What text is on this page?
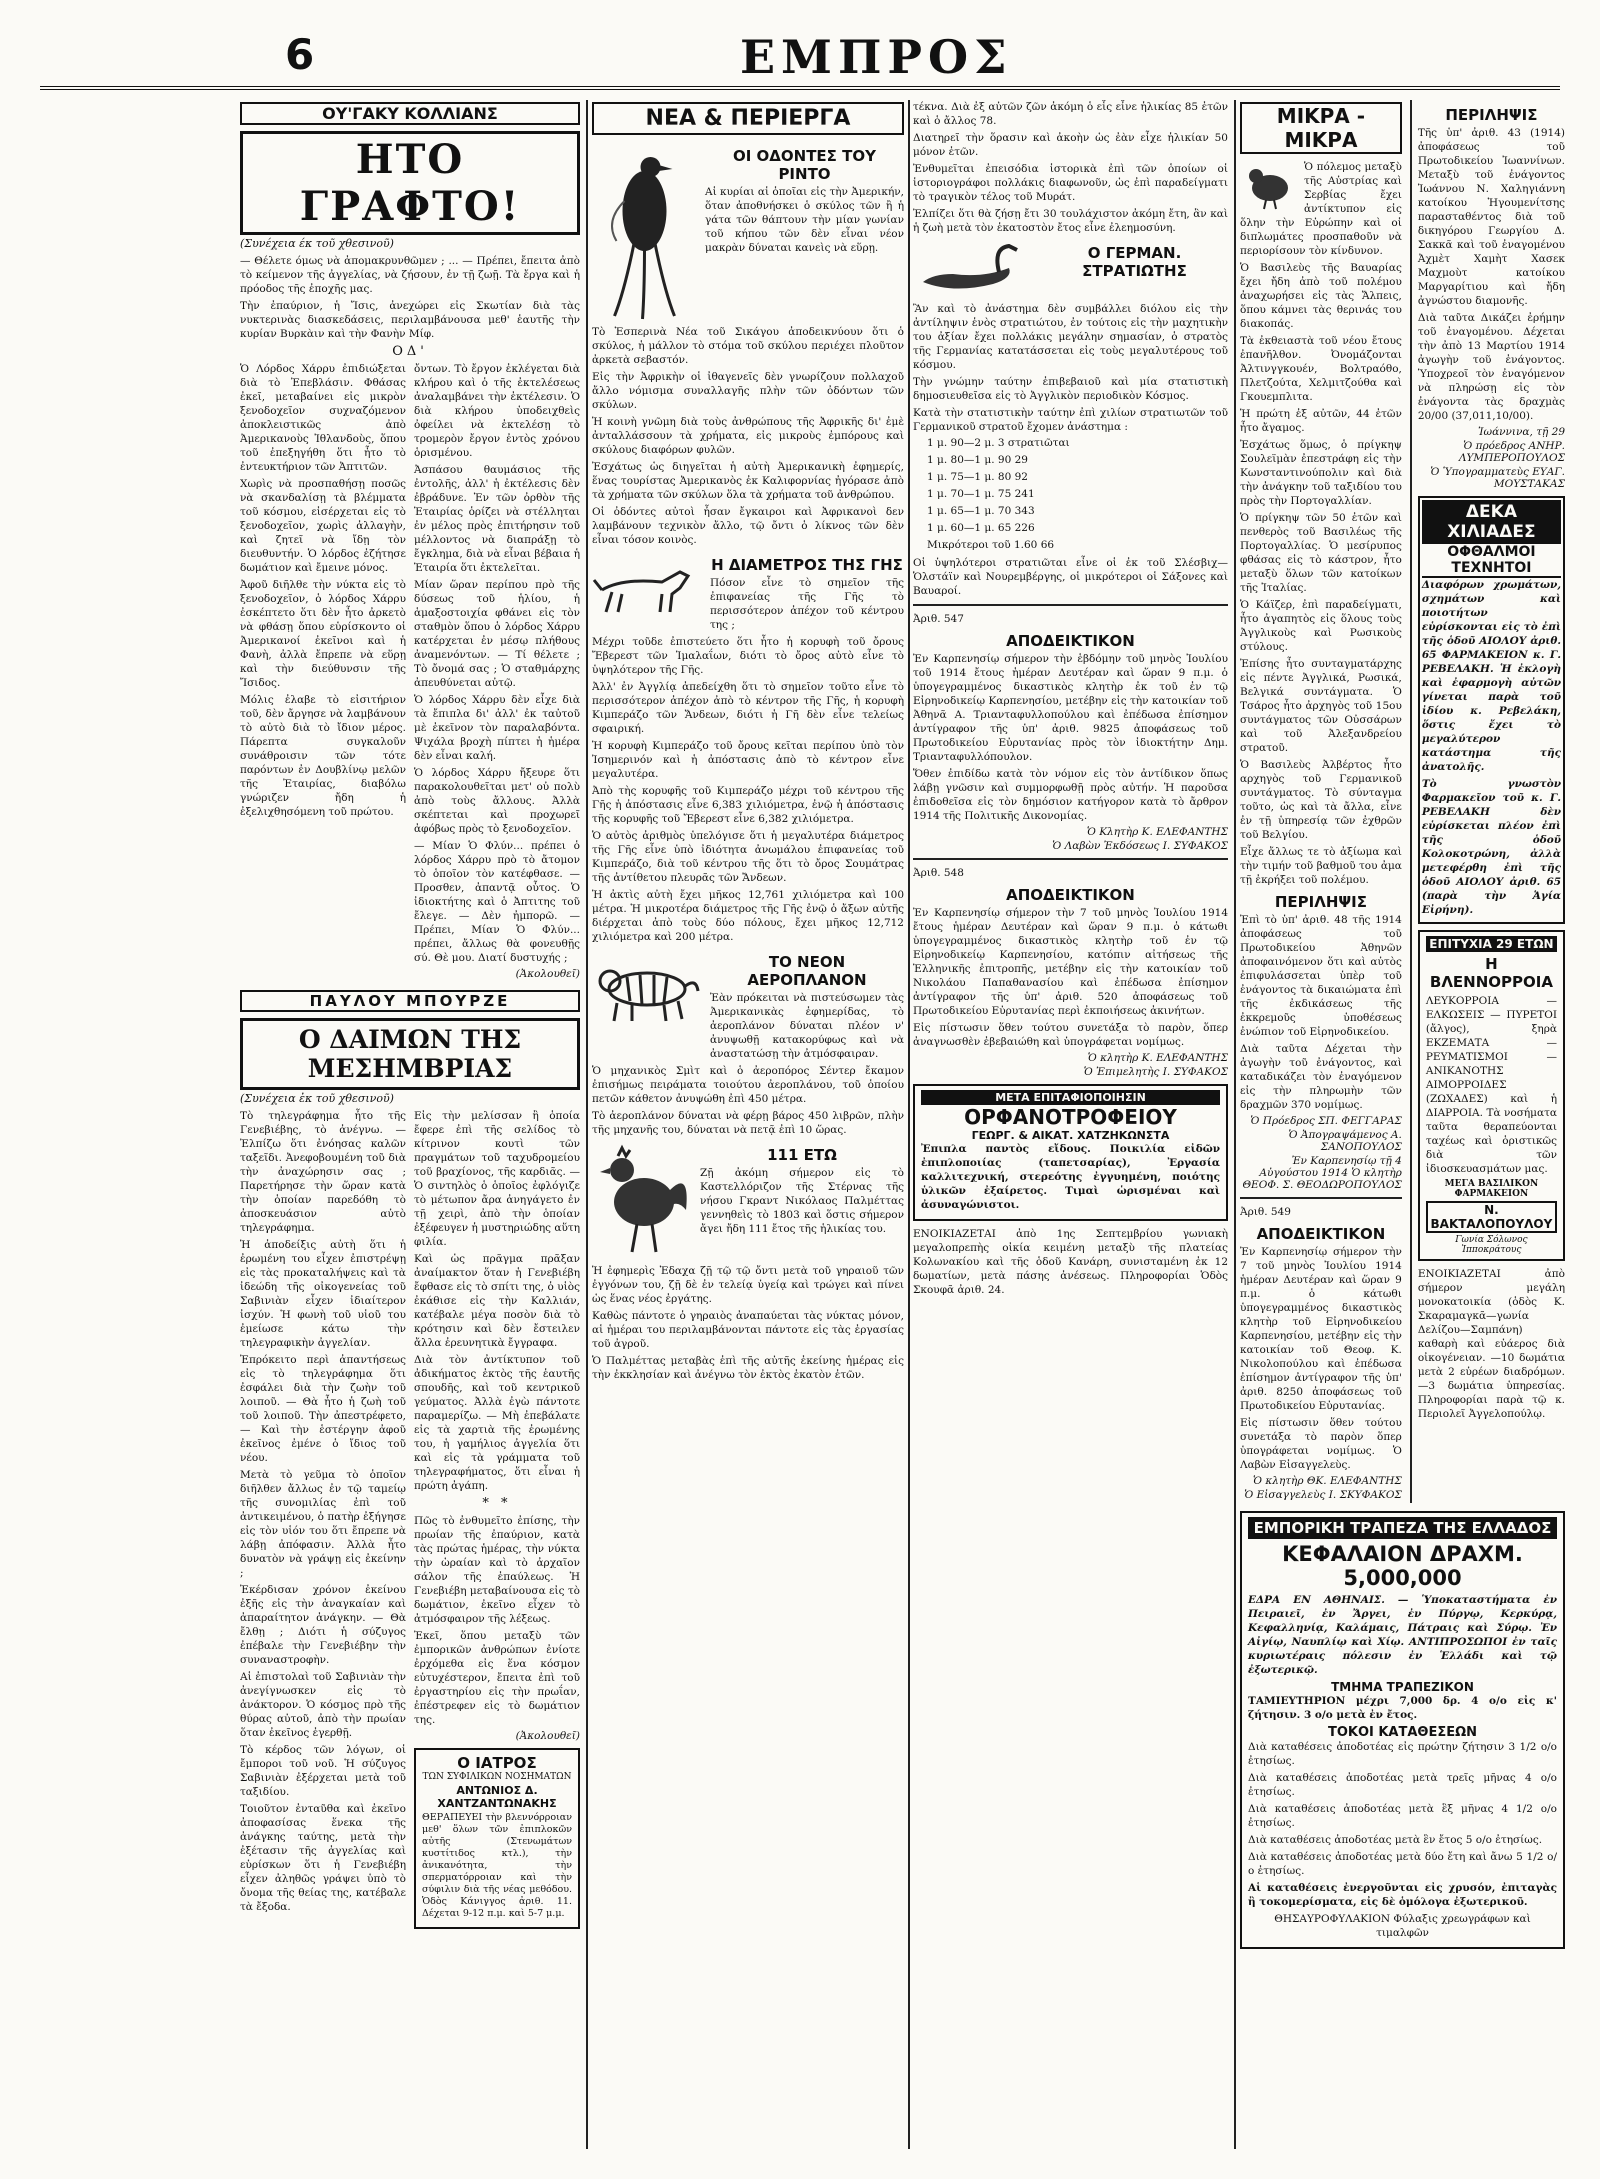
6	ΕΜΠΡΟΣ
ΟΥ'ΓΑΚΥ ΚΟΛΛΙΑΝΣ
ΗΤΟ ΓΡΑΦΤΟ!
(Συνέχεια έκ τοῦ χθεσινοῦ)
— Θέλετε όμως νὰ ἀπομακρυνθῶμεν ; ... — Πρέπει, ἔπειτα ἀπὸ τὸ κείμενον τῆς ἀγγελίας, νὰ ζήσουν, ἐν τῇ ζωῇ. Τὰ ἔργα καὶ ἡ πρόοδος τῆς ἐποχῆς μας.
Τὴν ἐπαύριον, ἡ Ἴσις, ἀνεχώρει εἰς Σκωτίαν διὰ τὰς νυκτερινὰς διασκεδάσεις, περιλαμβάνουσα μεθ' ἑαυτῆς τὴν κυρίαν Βυρκὰιν καὶ τὴν Φανὴν Μίφ.
ΟΔ'
Ὁ Λόρδος Χάρρυ ἐπιδιώξεται διὰ τὸ Ἐπεβλάσιν. Φθάσας ἐκεῖ, μεταβαίνει εἰς μικρὸν ξενοδοχεῖον συχναζόμενον ἀποκλειστικῶς ἀπὸ Ἀμερικανοὺς Ἰθλανδοὺς, ὅπου τοῦ ἐπεξηγήθη ὅτι ἦτο τὸ ἐντευκτήριον τῶν Ἀπτιτῶν.
Χωρὶς νὰ προσπαθήσῃ ποσῶς νὰ σκανδαλίσῃ τὰ βλέμματα τοῦ κόσμου, εἰσέρχεται εἰς τὸ ξενοδοχεῖον, χωρὶς ἀλλαγὴν, καὶ ζητεῖ νὰ ἴδῃ τὸν διευθυντήν. Ὁ λόρδος ἐζήτησε δωμάτιον καὶ ἔμεινε μόνος.
Ἀφοῦ διῆλθε τὴν νύκτα εἰς τὸ ξενοδοχεῖον, ὁ λόρδος Χάρρυ ἐσκέπτετο ὅτι δὲν ἦτο ἀρκετὸ νὰ φθάσῃ ὅπου εὑρίσκοντο οἱ Ἀμερικανοί ἐκεῖνοι καὶ ἡ Φανὴ, ἀλλὰ ἔπρεπε νὰ εὕρῃ καὶ τὴν διεύθυνσιν τῆς Ἴσιδος.
Μόλις ἐλαβε τὸ εἰσιτήριον τοῦ, δὲν ἄργησε νὰ λαμβάνουν τὸ αὐτὸ διὰ τὸ ἴδιον μέρος. Πάρεπτα συγκαλοῦν συνάθροισιν τῶν τότε παρόντων ἐν Δουβλίνῳ μελῶν τῆς Ἐταιρίας, διαβόλω γνώριζεν ἤδη ἡ ἐξελιχθησόμενη τοῦ πρώτου.
ὄντων. Τὸ ἔργον ἐκλέγεται διὰ κλήρου καὶ ὁ τῆς ἐκτελέσεως ἀναλαμβάνει τὴν ἐκτέλεσιν. Ὁ διὰ κλήρου ὑποδειχθεὶς ὀφείλει νὰ ἐκτελέσῃ τὸ τρομερὸν ἔργον ἐντὸς χρόνου ὁρισμένου.
Ἀσπάσου θαυμάσιος τῆς ἐντολῆς, ἀλλ' ἡ ἐκτέλεσις δὲν ἐβράδυνε. Ἐν τῶν ὀρθὸν τῆς Ἑταιρίας ὁρίζει νὰ στέλληται ἐν μέλος πρὸς ἐπιτήρησιν τοῦ μέλλοντος νὰ διαπράξῃ τὸ ἔγκλημα, διὰ νὰ εἶναι βέβαια ἡ Ἑταιρία ὅτι ἐκτελεῖται.
Μίαν ὥραν περίπου πρὸ τῆς δύσεως τοῦ ἡλίου, ἡ ἁμαξοστοιχία φθάνει εἰς τὸν σταθμὸν ὅπου ὁ λόρδος Χάρρυ κατέρχεται ἐν μέσῳ πλήθους ἀναμενόντων. — Τί θέλετε ; Τὸ ὄνομά σας ; Ὁ σταθμάρχης ἀπευθύνεται αὐτῷ.
Ὁ λόρδος Χάρρυ δὲν εἶχε διὰ τὰ ἔπιπλα δι' ἀλλ' ἐκ ταὐτοῦ μὲ ἐκεῖνον τὸν παραλαβόντα. Ψιχάλα βροχὴ πίπτει ἡ ἡμέρα δὲν εἶναι καλή.
Ὁ λόρδος Χάρρυ ἤξευρε ὅτι παρακολουθεῖται μετ' οὐ πολὺ ἀπὸ τοὺς ἄλλους. Ἀλλὰ σκέπτεται καὶ προχωρεῖ ἀφόβως πρὸς τὸ ξενοδοχεῖον.
— Μίαν Ὁ Φλύν... πρέπει ὁ λόρδος Χάρρυ πρὸ τὸ ἄτομον τὸ ὁποῖον τὸν κατέφθασε. — Προσθεν, ἀπαντᾷ οὗτος. Ὁ ἰδιοκτήτης καὶ ὁ Ἀπτιτης τοῦ ἔλεγε. — Δὲν ἠμπορῶ. — Πρέπει, Μίαν Ὁ Φλύν... πρέπει, ἄλλως θὰ φονευθῇς σύ. Θὲ μου. Διατί δυστυχής ;
(Ἀκολουθεῖ)
ΠΑΥΛΟΥ ΜΠΟΥΡΖΕ
Ο ΔΑΙΜΩΝ ΤΗΣ ΜΕΣΗΜΒΡΙΑΣ
(Συνέχεια ἐκ τοῦ χθεσινοῦ)
Τὸ τηλεγράφημα ἦτο τῆς Γενεβιέβης, τὸ ἀνέγνω. — Ἐλπίζω ὅτι ἐνόησας καλῶν ταξεῖδι. Ἀνεφοβουμένη τοῦ διὰ τὴν ἀναχώρησιν σας ; Παρετήρησε τὴν ὥραν κατὰ τὴν ὁποίαν παρεδόθη τὸ ἀποσκευάσιον αὐτὸ τηλεγράφημα.
Ἡ ἀποδείξις αὐτὴ ὅτι ἡ ἐρωμένη του εἶχεν ἐπιστρέψῃ εἰς τὰς προκαταλήψεις καὶ τὰ ἰδεώδη τῆς οἰκογενείας τοῦ Σαβινιὰν εἶχεν ἰδιαίτερον ἰσχύν. Ἡ φωνὴ τοῦ υἱοῦ του ἐμείωσε κάτω τὴν τηλεγραφικὴν ἀγγελίαν.
Ἐπρόκειτο περὶ ἀπαντήσεως εἰς τὸ τηλεγράφημα ὅτι ἐσφάλει διὰ τὴν ζωὴν τοῦ λοιποῦ. — Θὰ ἦτο ἡ ζωὴ τοῦ τοῦ λοιποῦ. Τὴν ἀπεστρέφετο, — Καὶ τὴν ἑστέργην ἀφοῦ ἐκεῖνος ἐμένε ὁ ἴδιος τοῦ νέου.
Μετὰ τὸ γεῦμα τὸ ὁποῖον διῆλθεν ἄλλως ἐν τῷ ταμείῳ τῆς συνομιλίας ἐπὶ τοῦ ἀντικειμένου, ὁ πατὴρ ἐξήγησε εἰς τὸν υἱόν του ὅτι ἔπρεπε νὰ λάβῃ ἀπόφασιν. Ἀλλὰ ἦτο δυνατὸν νὰ γράψῃ εἰς ἐκείνην ;
Ἐκέρδισαν χρόνον ἐκείνου ἐξῆς εἰς τὴν ἀναγκαίαν καὶ ἀπαραίτητον ἀνάγκην. — Θὰ ἔλθῃ ; Διότι ἡ σύζυγος ἐπέβαλε τὴν Γενεβιέβην τὴν συναναστροφὴν.
Αἱ ἐπιστολαὶ τοῦ Σαβινιὰν τὴν ἀνεγίγνωσκεν εἰς τὸ ἀνάκτορον. Ὁ κόσμος πρὸ τῆς θύρας αὐτοῦ, ἀπὸ τὴν πρωίαν ὅταν ἐκεῖνος ἐγερθῇ.
Τὸ κέρδος τῶν λόγων, οἱ ἔμποροι τοῦ νοῦ. Ἡ σύζυγος Σαβινιὰν ἐξέρχεται μετὰ τοῦ ταξιδίου.
Τοιοῦτον ἐνταῦθα καὶ ἐκεῖνο ἀποφασίσας ἕνεκα τῆς ἀνάγκης ταύτης, μετὰ τὴν ἐξέτασιν τῆς ἀγγελίας καὶ εὑρίσκων ὅτι ἡ Γενεβιέβη εἶχεν ἀληθῶς γράψει ὑπὸ τὸ ὄνομα τῆς θείας της, κατέβαλε τὰ ἔξοδα.
Εἰς τὴν μελίσσαν ἢ ὁποία ἔφερε ἐπὶ τῆς σελίδος τὸ κίτρινον κουτὶ τῶν πραγμάτων τοῦ ταχυδρομείου τοῦ βραχίονος, τῆς καρδιᾶς. — Ὁ σιντηλὸς ὁ ὁποῖος ἐφλόγιζε τὸ μέτωπον ἄρα ἀνηγάγετο ἐν τῇ χειρὶ, ἀπὸ τὴν ὁποίαν ἐξέφευγεν ἡ μυστηριώδης αὕτη φιλία.
Καὶ ὡς πρᾶγμα πρᾶξαν ἀναίμακτον ὅταν ἡ Γενεβιέβη ἔφθασε εἰς τὸ σπίτι της, ὁ υἱὸς ἐκάθισε εἰς τὴν Καλλιάν, κατέβαλε μέγα ποσὸν διὰ τὸ κρότησιν καὶ δὲν ἔστειλεν ἄλλα ἐρευνητικὰ ἔγγραφα.
Διὰ τὸν ἀντίκτυπον τοῦ ἀδικήματος ἐκτὸς τῆς ἑαυτῆς σπουδῆς, καὶ τοῦ κεντρικοῦ γεύματος. Ἀλλὰ ἐγὼ πάντοτε παραμερίζω. — Μὴ ἐπεβάλατε εἰς τὰ χαρτιὰ τῆς ἐρωμένης του, ἡ γαμήλιος ἀγγελία ὅτι καὶ εἰς τὰ γράμματα τοῦ τηλεγραφήματος, ὅτι εἶναι ἡ πρώτη ἀγάπη.
* *
Πῶς τὸ ἐνθυμεῖτο ἐπίσης, τὴν πρωίαν τῆς ἐπαύριον, κατὰ τὰς πρώτας ἡμέρας, τὴν νύκτα τὴν ὡραίαν καὶ τὸ ἀρχαῖον σάλον τῆς ἐπαύλεως. Ἡ Γενεβιέβη μεταβαίνουσα εἰς τὸ δωμάτιον, ἐκεῖνο εἶχεν τὸ ἀτμόσφαιρον τῆς λέξεως.
Ἐκεῖ, ὅπου μεταξὺ τῶν ἐμπορικῶν ἀνθρώπων ἐνίοτε ἐρχόμεθα εἰς ἕνα κόσμον εὐτυχέστερον, ἔπειτα ἐπὶ τοῦ ἐργαστηρίου εἰς τὴν πρωΐαν, ἐπέστρεφεν εἰς τὸ δωμάτιον της.
(Ἀκολουθεῖ)
Ο ΙΑΤΡΟΣ
ΤΩΝ ΣΥΦΙΛΙΚΩΝ ΝΟΣΗΜΑΤΩΝ
ΑΝΤΩΝΙΟΣ Δ. ΧΑΝΤΖΑΝΤΩΝΑΚΗΣ
ΘΕΡΑΠΕΥΕΙ τὴν βλεννόρροιαν μεθ' ὅλων τῶν ἐπιπλοκῶν αὐτῆς (Στενωμάτων κυστίτιδος κτλ.), τὴν ἀνικανότητα, τὴν σπερματόρροιαν καὶ τὴν σύφιλιν διὰ τῆς νέας μεθόδου. Ὁδὸς Κάνιγγος ἀριθ. 11. Δέχεται 9-12 π.μ. καὶ 5-7 μ.μ.
ΝΕΑ & ΠΕΡΙΕΡΓΑ
ΟΙ ΟΔΟΝΤΕΣ ΤΟΥ ΡΙΝΤΟ
Αἱ κυρίαι αἱ ὁποῖαι εἰς τὴν Ἀμερικήν, ὅταν ἀποθνήσκει ὁ σκύλος τῶν ἢ ἡ γάτα τῶν θάπτουν τὴν μίαν γωνίαν τοῦ κήπου τῶν δὲν εἶναι νέον μακρὰν δύναται κανεὶς νὰ εὕρῃ.
Τὸ Ἑσπερινὰ Νέα τοῦ Σικάγου ἀποδεικνύουν ὅτι ὁ σκύλος, ἡ μάλλον τὸ στόμα τοῦ σκύλου περιέχει πλοῦτον ἀρκετὰ σεβαστόν.
Εἰς τὴν Ἀφρικὴν οἱ ἰθαγενεῖς δὲν γνωρίζουν πολλαχοῦ ἄλλο νόμισμα συναλλαγῆς πλὴν τῶν ὀδόντων τῶν σκύλων.
Ἡ κοινὴ γνῶμη διὰ τοὺς ἀνθρώπους τῆς Ἀφρικῆς δι' ἐμὲ ἀνταλλάσσουν τὰ χρήματα, εἰς μικροὺς ἐμπόρους καὶ σκύλους διαφόρων φυλῶν.
Ἐσχάτως ὡς διηγεῖται ἡ αὐτὴ Ἀμερικανικὴ ἐφημερίς, ἕνας τουρίστας Ἀμερικανὸς ἐκ Καλιφορνίας ἠγόρασε ἀπὸ τὰ χρήματα τῶν σκύλων ὅλα τὰ χρήματα τοῦ ἀνθρώπου.
Οἱ ὀδόντες αὐτοὶ ἦσαν ἔγκαιροι καὶ Ἀφρικανοὶ δεν λαμβάνουν τεχνικὸν ἄλλο, τῷ ὄντι ὁ λίκνος τῶν δὲν εἶναι τόσον κοινὸς.
Η ΔΙΑΜΕΤΡΟΣ ΤΗΣ ΓΗΣ
Πόσον εἶνε τὸ σημεῖον τῆς ἐπιφανείας τῆς Γῆς τὸ περισσότερον ἀπέχον τοῦ κέντρου της ;
Μέχρι τοῦδε ἐπιστεύετο ὅτι ἦτο ἡ κορυφὴ τοῦ ὄρους Ἔβερεστ τῶν Ἱμαλαΐων, διότι τὸ ὄρος αὐτὸ εἶνε τὸ ὑψηλότερον τῆς Γῆς.
Ἀλλ' ἐν Ἀγγλίᾳ ἀπεδείχθη ὅτι τὸ σημεῖον τοῦτο εἶνε τὸ περισσότερον ἀπέχον ἀπὸ τὸ κέντρον τῆς Γῆς, ἡ κορυφὴ Κιμπεράζο τῶν Ἄνδεων, διότι ἡ Γῆ δὲν εἶνε τελείως σφαιρική.
Ἡ κορυφὴ Κιμπεράζο τοῦ ὄρους κεῖται περίπου ὑπὸ τὸν Ἰσημερινόν καὶ ἡ ἀπόστασις ἀπὸ τὸ κέντρον εἶνε μεγαλυτέρα.
Ἀπὸ τὴς κορυφῆς τοῦ Κιμπεράζο μέχρι τοῦ κέντρου τῆς Γῆς ἡ ἀπόστασις εἶνε 6,383 χιλιόμετρα, ἐνῷ ἡ ἀπόστασις τῆς κορυφῆς τοῦ Ἔβερεστ εἶνε 6,382 χιλιόμετρα.
Ὁ αὐτὸς ἀριθμὸς ὑπελόγισε ὅτι ἡ μεγαλυτέρα διάμετρος τῆς Γῆς εἶνε ὑπὸ ἰδιότητα ἀνωμάλου ἐπιφανείας τοῦ Κιμπεράζο, διὰ τοῦ κέντρου τῆς ὅτι τὸ ὄρος Σουμάτρας τῆς ἀντίθετου πλευρᾶς τῶν Ἄνδεων.
Ἡ ἀκτὶς αὐτὴ ἔχει μῆκος 12,761 χιλιόμετρα καὶ 100 μέτρα. Ἡ μικροτέρα διάμετρος τῆς Γῆς ἐνῷ ὁ ἄξων αὐτῆς διέρχεται ἀπὸ τοὺς δύο πόλους, ἔχει μῆκος 12,712 χιλιόμετρα καὶ 200 μέτρα.
ΤΟ ΝΕΟΝ ΑΕΡΟΠΛΑΝΟΝ
Ἐὰν πρόκειται νὰ πιστεύσωμεν τὰς Ἀμερικανικὰς ἐφημερίδας, τὸ ἀεροπλάνον δύναται πλέον ν' ἀνυψωθῇ κατακορύφως καὶ νὰ ἀναστατώσῃ τὴν ἀτμόσφαιραν.
Ὁ μηχανικὸς Σμὶτ καὶ ὁ ἀεροπόρος Σέντερ ἔκαμον ἐπισήμως πειράματα τοιούτου ἀεροπλάνου, τοῦ ὁποίου πετῶν κάθετον ἀνυψώθη ἐπὶ 450 μέτρα.
Τὸ ἀεροπλάνον δύναται νὰ φέρῃ βάρος 450 λιβρῶν, πλὴν τῆς μηχανῆς του, δύναται νὰ πετᾷ ἐπὶ 10 ὥρας.
111 ΕΤΩ
Ζῇ ἀκόμη σήμερον εἰς τὸ Καστελλόριζον τῆς Στέρνας τῆς νήσου Γκραντ Νικόλαος Παλμέττας γεννηθεὶς τὸ 1803 καὶ ὅστις σήμερον ἄγει ἤδη 111 ἔτος τῆς ἡλικίας του.
Ἡ ἐφημερὶς Ἐδαχα ζῇ τῷ τῷ ὄντι μετὰ τοῦ γηραιοῦ τῶν ἐγγόνων του, ζῇ δὲ ἐν τελείᾳ ὑγείᾳ καὶ τρώγει καὶ πίνει ὡς ἕνας νέος ἐργάτης.
Καθὼς πάντοτε ὁ γηραιὸς ἀναπαύεται τὰς νύκτας μόνον, αἱ ἡμέραι του περιλαμβάνονται πάντοτε εἰς τὰς ἐργασίας τοῦ ἀγροῦ.
Ὁ Παλμέττας μεταβὰς ἐπὶ τῆς αὐτῆς ἐκείνης ἡμέρας εἰς τὴν ἐκκλησίαν καὶ ἀνέγνω τὸν ἐκτὸς ἑκατὸν ἐτῶν.
τέκνα. Διὰ ἐξ αὐτῶν ζῶν ἀκόμη ὁ εἷς εἶνε ἡλικίας 85 ἐτῶν καὶ ὁ ἄλλος 78.
Διατηρεῖ τὴν ὅρασιν καὶ ἀκοὴν ὡς ἐὰν εἶχε ἡλικίαν 50 μόνον ἐτῶν.
Ἐνθυμεῖται ἐπεισόδια ἱστορικὰ ἐπὶ τῶν ὁποίων οἱ ἱστοριογράφοι πολλάκις διαφωνοῦν, ὡς ἐπὶ παραδείγματι τὸ τραγικὸν τέλος τοῦ Μυράτ.
Ἐλπίζει ὅτι θὰ ζήσῃ ἔτι 30 τουλάχιστον ἀκόμη ἔτη, ἂν καὶ ἡ ζωὴ μετὰ τὸν ἑκατοστὸν ἔτος εἶνε ἐλεημοσύνη.
Ο ΓΕΡΜΑΝ. ΣΤΡΑΤΙΩΤΗΣ
Ἂν καὶ τὸ ἀνάστημα δὲν συμβάλλει διόλου εἰς τὴν ἀντίληψιν ἑνὸς στρατιώτου, ἐν τούτοις εἰς τὴν μαχητικὴν του ἀξίαν ἔχει πολλάκις μεγάλην σημασίαν, ὁ στρατὸς τῆς Γερμανίας κατατάσσεται εἰς τοὺς μεγαλυτέρους τοῦ κόσμου.
Τὴν γνώμην ταύτην ἐπιβεβαιοῦ καὶ μία στατιστικὴ δημοσιευθεῖσα εἰς τὸ Ἀγγλικὸν περιοδικὸν Κόσμος.
Κατὰ τὴν στατιστικὴν ταύτην ἐπὶ χιλίων στρατιωτῶν τοῦ Γερμανικοῦ στρατοῦ ἔχομεν ἀνάστημα :
1 μ. 90—2 μ. 3 στρατιῶται
1 μ. 80—1 μ. 90 29
1 μ. 75—1 μ. 80 92
1 μ. 70—1 μ. 75 241
1 μ. 65—1 μ. 70 343
1 μ. 60—1 μ. 65 226
Μικρότεροι τοῦ 1.60 66
Οἱ ὑψηλότεροι στρατιῶται εἶνε οἱ ἐκ τοῦ Σλέσβιχ—Ὁλστάϊν καὶ Νουρεμβέργης, οἱ μικρότεροι οἱ Σάξονες καὶ Βαυαροί.
Ἀριθ. 547
ΑΠΟΔΕΙΚΤΙΚΟΝ
Ἐν Καρπενησίῳ σήμερον τὴν ἑβδόμην τοῦ μηνὸς Ἰουλίου τοῦ 1914 ἔτους ἡμέραν Δευτέραν καὶ ὥραν 9 π.μ. ὁ ὑπογεγραμμένος δικαστικὸς κλητὴρ ἐκ τοῦ ἐν τῷ Εἰρηνοδικείῳ Καρπενησίου, μετέβην εἰς τὴν κατοικίαν τοῦ Ἀθηνᾶ Α. Τριανταφυλλοπούλου καὶ ἐπέδωσα ἐπίσημον ἀντίγραφον τῆς ὑπ' ἀριθ. 9825 ἀποφάσεως τοῦ Πρωτοδικείου Εὐρυτανίας πρὸς τὸν ἰδιοκτήτην Δημ. Τριανταφυλλόπουλον.
Ὅθεν ἐπιδίδω κατὰ τὸν νόμον εἰς τὸν ἀντίδικον ὅπως λάβῃ γνῶσιν καὶ συμμορφωθῇ πρὸς αὐτήν. Ἡ παροῦσα ἐπιδοθεῖσα εἰς τὸν δημόσιον κατήγορον κατὰ τὸ ἄρθρον 1914 τῆς Πολιτικῆς Δικονομίας.
Ὁ Κλητὴρ Κ. ΕΛΕΦΑΝΤΗΣ
Ὁ Λαβὼν Ἐκδόσεως Ι. ΣΥΦΑΚΟΣ
Ἀριθ. 548
ΑΠΟΔΕΙΚΤΙΚΟΝ
Ἐν Καρπενησίῳ σήμερον τὴν 7 τοῦ μηνὸς Ἰουλίου 1914 ἔτους ἡμέραν Δευτέραν καὶ ὥραν 9 π.μ. ὁ κάτωθι ὑπογεγραμμένος δικαστικὸς κλητὴρ τοῦ ἐν τῷ Εἰρηνοδικείῳ Καρπενησίου, κατόπιν αἰτήσεως τῆς Ἑλληνικῆς ἐπιτροπῆς, μετέβην εἰς τὴν κατοικίαν τοῦ Νικολάου Παπαθανασίου καὶ ἐπέδωσα ἐπίσημον ἀντίγραφον τῆς ὑπ' ἀριθ. 520 ἀποφάσεως τοῦ Πρωτοδικείου Εὐρυτανίας περὶ ἐκποιήσεως ἀκινήτων.
Εἰς πίστωσιν ὅθεν τούτου συνετάξα τὸ παρὸν, ὅπερ ἀναγνωσθὲν ἐβεβαιώθη καὶ ὑπογράφεται νομίμως.
Ὁ κλητὴρ Κ. ΕΛΕΦΑΝΤΗΣ
Ὁ Ἐπιμελητὴς Ι. ΣΥΦΑΚΟΣ
ΜΕΤΑ ΕΠΙΤΑΦΙΟΠΟΙΗΣΙΝ
ΟΡΦΑΝΟΤΡΟΦΕΙΟΥ
ΓΕΩΡΓ. & ΑΙΚΑΤ. ΧΑΤΖΗΚΩΝΣΤΑ
Ἐπιπλα παντὸς εἴδους. Ποικιλία εἰδῶν ἐπιπλοποιίας (ταπετσαρίας), Ἐργασία καλλιτεχνική, στερεότης ἐγγυημένη, ποιότης ὑλικῶν ἐξαίρετος. Τιμαὶ ὡρισμέναι καὶ ἀσυναγώνιστοι.
ΕΝΟΙΚΙΑΖΕΤΑΙ ἀπὸ 1ης Σεπτεμβρίου γωνιακὴ μεγαλοπρεπὴς οἰκία κειμένη μεταξὺ τῆς πλατείας Κολωνακίου καὶ τῆς ὁδοῦ Κανάρη, συνισταμένη ἐκ 12 δωματίων, μετὰ πάσης ἀνέσεως. Πληροφορίαι Ὁδὸς Σκουφᾶ ἀριθ. 24.
ΜΙΚΡΑ - ΜΙΚΡΑ
Ὁ πόλεμος μεταξὺ τῆς Αὐστρίας καὶ Σερβίας ἔχει ἀντίκτυπον εἰς ὅλην τὴν Εὐρώπην καὶ οἱ διπλωμάτες προσπαθοῦν νὰ περιορίσουν τὸν κίνδυνον.
Ὁ Βασιλεὺς τῆς Βαυαρίας ἔχει ἤδη ἀπὸ τοῦ πολέμου ἀναχωρήσει εἰς τὰς Ἄλπεις, ὅπου κάμνει τὰς θερινάς του διακοπάς.
Τὰ ἐκθειαστὰ τοῦ νέου ἔτους ἐπανῆλθον. Ὀνομάζονται Ἀλτινγγκουέν, Βολτραόθο, Πλετζούτα, Χελμιτζούθα καὶ Γκουεμπλιτα.
Ἡ πρώτη ἐξ αὐτῶν, 44 ἐτῶν ἦτο ἄγαμος.
Ἐσχάτως ὅμως, ὁ πρίγκηψ Σουλεϊμὰν ἐπεστράφη εἰς τὴν Κωνσταντινούπολιν καὶ διὰ τὴν ἀνάγκην τοῦ ταξιδίου του πρὸς τὴν Πορτογαλλίαν.
Ὁ πρίγκηψ τῶν 50 ἐτῶν καὶ πενθερὸς τοῦ Βασιλέως τῆς Πορτογαλλίας. Ὁ μεσίρυπος φθάσας εἰς τὸ κάστρον, ἦτο μεταξὺ ὅλων τῶν κατοίκων τῆς Ἰταλίας.
Ὁ Κάϊζερ, ἐπὶ παραδείγματι, ἦτο ἀγαπητὸς εἰς ὅλους τοὺς Ἀγγλικοὺς καὶ Ρωσικοὺς στύλους.
Ἐπίσης ἦτο συνταγματάρχης εἰς πέντε Ἀγγλικά, Ρωσικά, Βελγικά συντάγματα. Ὁ Τσάρος ἦτο ἀρχηγὸς τοῦ 15ου συντάγματος τῶν Οὐσσάρων καὶ τοῦ Ἀλεξανδρείου στρατοῦ.
Ὁ Βασιλεὺς Ἀλβέρτος ἦτο αρχηγὸς τοῦ Γερμανικοῦ συντάγματος. Τὸ σύνταγμα τοῦτο, ὡς καὶ τὰ ἄλλα, εἶνε ἐν τῇ ὑπηρεσίᾳ τῶν ἐχθρῶν τοῦ Βελγίου.
Εἶχε ἄλλως τε τὸ ἀξίωμα καὶ τὴν τιμήν τοῦ βαθμοῦ του ἀμα τῇ ἐκρήξει τοῦ πολέμου.
ΠΕΡΙΛΗΨΙΣ
Ἐπὶ τὸ ὑπ' ἀριθ. 48 τῆς 1914 ἀποφάσεως τοῦ Πρωτοδικείου Ἀθηνῶν ἀποφαινόμενον ὅτι καὶ αὐτὸς ἐπιφυλάσσεται ὑπὲρ τοῦ ἐνάγοντος τὰ δικαιώματα ἐπὶ τῆς ἐκδικάσεως τῆς ἐκκρεμοῦς ὑποθέσεως ἐνώπιον τοῦ Εἰρηνοδικείου.
Διὰ ταῦτα Δέχεται τὴν ἀγωγὴν τοῦ ἐνάγοντος, καὶ καταδικάζει τὸν ἐναγόμενον εἰς τὴν πληρωμὴν τῶν δραχμῶν 370 νομίμως.
Ὁ Πρόεδρος ΣΠ. ΦΕΓΓΑΡΑΣ
Ὁ Ἀπογραψάμενος Α. ΣΑΝΟΠΟΥΛΟΣ
Ἐν Καρπενησίῳ τῇ 4 Αὐγούστου 1914 Ὁ κλητὴρ ΘΕΟΦ. Σ. ΘΕΟΔΩΡΟΠΟΥΛΟΣ
Ἀριθ. 549
ΑΠΟΔΕΙΚΤΙΚΟΝ
Ἐν Καρπενησίῳ σήμερον τὴν 7 τοῦ μηνὸς Ἰουλίου 1914 ἡμέραν Δευτέραν καὶ ὥραν 9 π.μ. ὁ κάτωθι ὑπογεγραμμένος δικαστικὸς κλητὴρ τοῦ Εἰρηνοδικείου Καρπενησίου, μετέβην εἰς τὴν κατοικίαν τοῦ Θεοφ. Κ. Νικολοπούλου καὶ ἐπέδωσα ἐπίσημον ἀντίγραφον τῆς ὑπ' ἀριθ. 8250 ἀποφάσεως τοῦ Πρωτοδικείου Εὐρυτανίας.
Εἰς πίστωσιν ὅθεν τούτου συνετάξα τὸ παρὸν ὅπερ ὑπογράφεται νομίμως. Ὁ Λαβὼν Εἰσαγγελεὺς.
Ὁ κλητὴρ ΘΚ. ΕΛΕΦΑΝΤΗΣ
Ὁ Εἰσαγγελεὺς Ι. ΣΚΥΦΑΚΟΣ
ΠΕΡΙΛΗΨΙΣ
Τῆς ὑπ' ἀριθ. 43 (1914) ἀποφάσεως τοῦ Πρωτοδικείου Ἰωαννίνων. Μεταξὺ τοῦ ἐνάγοντος Ἰωάννου Ν. Χαληγιάννη κατοίκου Ἡγουμενίτσης παρασταθέντος διὰ τοῦ δικηγόρου Γεωργίου Δ. Σακκᾶ καὶ τοῦ ἐναγομένου Ἀχμὲτ Χαμὴτ Χασεκ Μαχμοὺτ κατοίκου Μαργαρίτιου καὶ ἤδη ἀγνώστου διαμονῆς.
Διὰ ταῦτα Δικάζει ἐρήμην τοῦ ἐναγομένου. Δέχεται τὴν ἀπὸ 13 Μαρτίου 1914 ἀγωγὴν τοῦ ἐνάγοντος. Ὑποχρεοῖ τὸν ἐναγόμενον νὰ πληρώσῃ εἰς τὸν ἐνάγοντα τὰς δραχμὰς 20/00 (37,011,10/00).
Ἰωάννινα, τῇ 29
Ὁ πρόεδρος ΑΝΗΡ. ΛΥΜΠΕΡΟΠΟΥΛΟΣ
Ὁ Ὑπογραμματεὺς ΕΥΑΓ. ΜΟΥΣΤΑΚΑΣ
ΔΕΚΑ ΧΙΛΙΑΔΕΣ
ΟΦΘΑΛΜΟΙ ΤΕΧΝΗΤΟΙ
Διαφόρων χρωμάτων, σχημάτων καὶ ποιοτήτων εὑρίσκονται εἰς τὸ ἐπὶ τῆς ὁδοῦ ΑΙΟΛΟΥ ἀριθ. 65 ΦΑΡΜΑΚΕΙΟΝ κ. Γ. ΡΕΒΕΛΑΚΗ. Ἡ ἐκλογὴ καὶ ἐφαρμογὴ αὐτῶν γίνεται παρὰ τοῦ ἰδίου κ. Ρεβελάκη, ὅστις ἔχει τὸ μεγαλύτερον κατάστημα τῆς ἀνατολῆς.
Τὸ γνωστὸν Φαρμακεῖον τοῦ κ. Γ. ΡΕΒΕΛΑΚΗ δὲν εὑρίσκεται πλέον ἐπὶ τῆς ὁδοῦ Κολοκοτρώνη, ἀλλὰ μετεφέρθη ἐπὶ τῆς ὁδοῦ ΑΙΟΛΟΥ ἀριθ. 65 (παρὰ τὴν Ἁγία Εἰρήνη).
ΕΠΙΤΥΧΙΑ 29 ΕΤΩΝ
Η ΒΛΕΝΝΟΡΡΟΙΑ
ΛΕΥΚΟΡΡΟΙΑ — ΕΛΚΩΣΕΙΣ — ΠΥΡΕΤΟΙ (ἄλγος), ξηρὰ ΕΚΖΕΜΑΤΑ — ΡΕΥΜΑΤΙΣΜΟΙ — ΑΝΙΚΑΝΟΤΗΣ ΑΙΜΟΡΡΟΙΔΕΣ (ΖΩΧΑΔΕΣ) καὶ ἡ ΔΙΑΡΡΟΙΑ. Τὰ νοσήματα ταῦτα θεραπεύονται ταχέως καὶ ὁριστικῶς διὰ τῶν ἰδιοσκευασμάτων μας.
ΜΕΓΑ ΒΑΣΙΛΙΚΟΝ ΦΑΡΜΑΚΕΙΟΝ
Ν. ΒΑΚΤΑΛΟΠΟΥΛΟΥ
Γωνία Σόλωνος Ἱπποκράτους
ΕΝΟΙΚΙΑΖΕΤΑΙ ἀπὸ σήμερον μεγάλη μονοκατοικία (ὁδὸς Κ. Σκαραμαγκᾶ—γωνία Δελίζου—Σαμπάνη) καθαρὴ καὶ εὐάερος διὰ οἰκογένειαν. —10 δωμάτια μετὰ 2 εὐρέων διαδρόμων.—3 δωμάτια ὑπηρεσίας. Πληροφορίαι παρὰ τῷ κ. Περιολεῖ Ἀγγελοπούλῳ.
ΕΜΠΟΡΙΚΗ ΤΡΑΠΕΖΑ ΤΗΣ ΕΛΛΑΔΟΣ
ΚΕΦΑΛΑΙΟΝ ΔΡΑΧΜ. 5,000,000
ΕΔΡΑ ΕΝ ΑΘΗΝΑΙΣ. — Ὑποκαταστήματα ἐν Πειραιεῖ, ἐν Ἄργει, ἐν Πύργῳ, Κερκύρᾳ, Κεφαλληνίᾳ, Καλάμαις, Πάτραις καὶ Σύρῳ. Ἐν Αἰγίῳ, Ναυπλίῳ καὶ Χίῳ. ΑΝΤΙΠΡΟΣΩΠΟΙ ἐν ταῖς κυριωτέραις πόλεσιν ἐν Ἑλλάδι καὶ τῷ ἐξωτερικῷ.
ΤΜΗΜΑ ΤΡΑΠΕΖΙΚΟΝ
ΤΑΜΙΕΥΤΗΡΙΟΝ μέχρι 7,000 δρ. 4 ο/ο εἰς κ' ζήτησιν. 3 ο/ο μετὰ ἐν ἔτος.
ΤΟΚΟΙ ΚΑΤΑΘΕΣΕΩΝ
Διὰ καταθέσεις ἀποδοτέας εἰς πρώτην ζήτησιν 3 1/2 ο/ο ἐτησίως.
Διὰ καταθέσεις ἀποδοτέας μετὰ τρεῖς μῆνας 4 ο/ο ἐτησίως.
Διὰ καταθέσεις ἀποδοτέας μετὰ ἓξ μῆνας 4 1/2 ο/ο ἐτησίως.
Διὰ καταθέσεις ἀποδοτέας μετὰ ἓν ἔτος 5 ο/ο ἐτησίως.
Διὰ καταθέσεις ἀποδοτέας μετὰ δύο ἔτη καὶ ἄνω 5 1/2 ο/ο ἐτησίως.
Αἱ καταθέσεις ἐνεργοῦνται εἰς χρυσόν, ἐπιταγὰς ἢ τοκομερίσματα, εἰς δὲ ὁμόλογα ἐξωτερικοῦ.
ΘΗΣΑΥΡΟΦΥΛΑΚΙΟΝ Φύλαξις χρεωγράφων καὶ τιμαλφῶν
